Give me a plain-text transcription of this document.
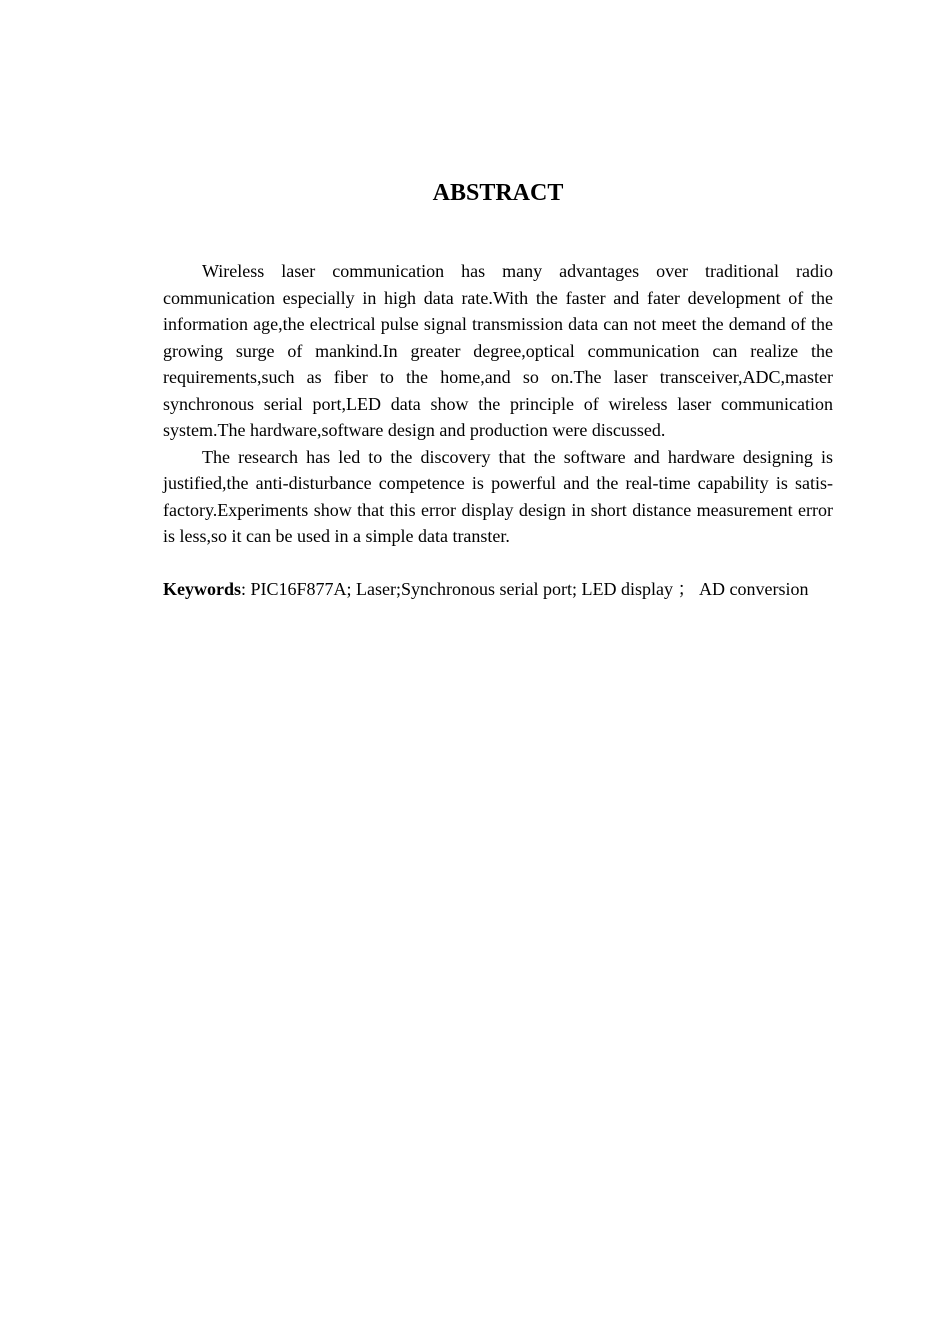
ABSTRACT

Wireless laser communication has many advantages over traditional radio communication especially in high data rate.With the faster and fater development of the information age,the electrical pulse signal transmission data can not meet the demand of the growing surge of mankind.In greater degree,optical communication can realize the requirements,such as fiber to the home,and so on.The laser transceiver,ADC,master synchronous serial port,LED data show the principle of wireless laser communication system.The hardware,software design and production were discussed.

The research has led to the discovery that the software and hardware designing is justified,the anti-disturbance competence is powerful and the real-time capability is satis- factory.Experiments show that this error display design in short distance measurement error is less,so it can be used in a simple data transter.

Keywords: PIC16F877A; Laser;Synchronous serial port; LED display ； AD conversion
